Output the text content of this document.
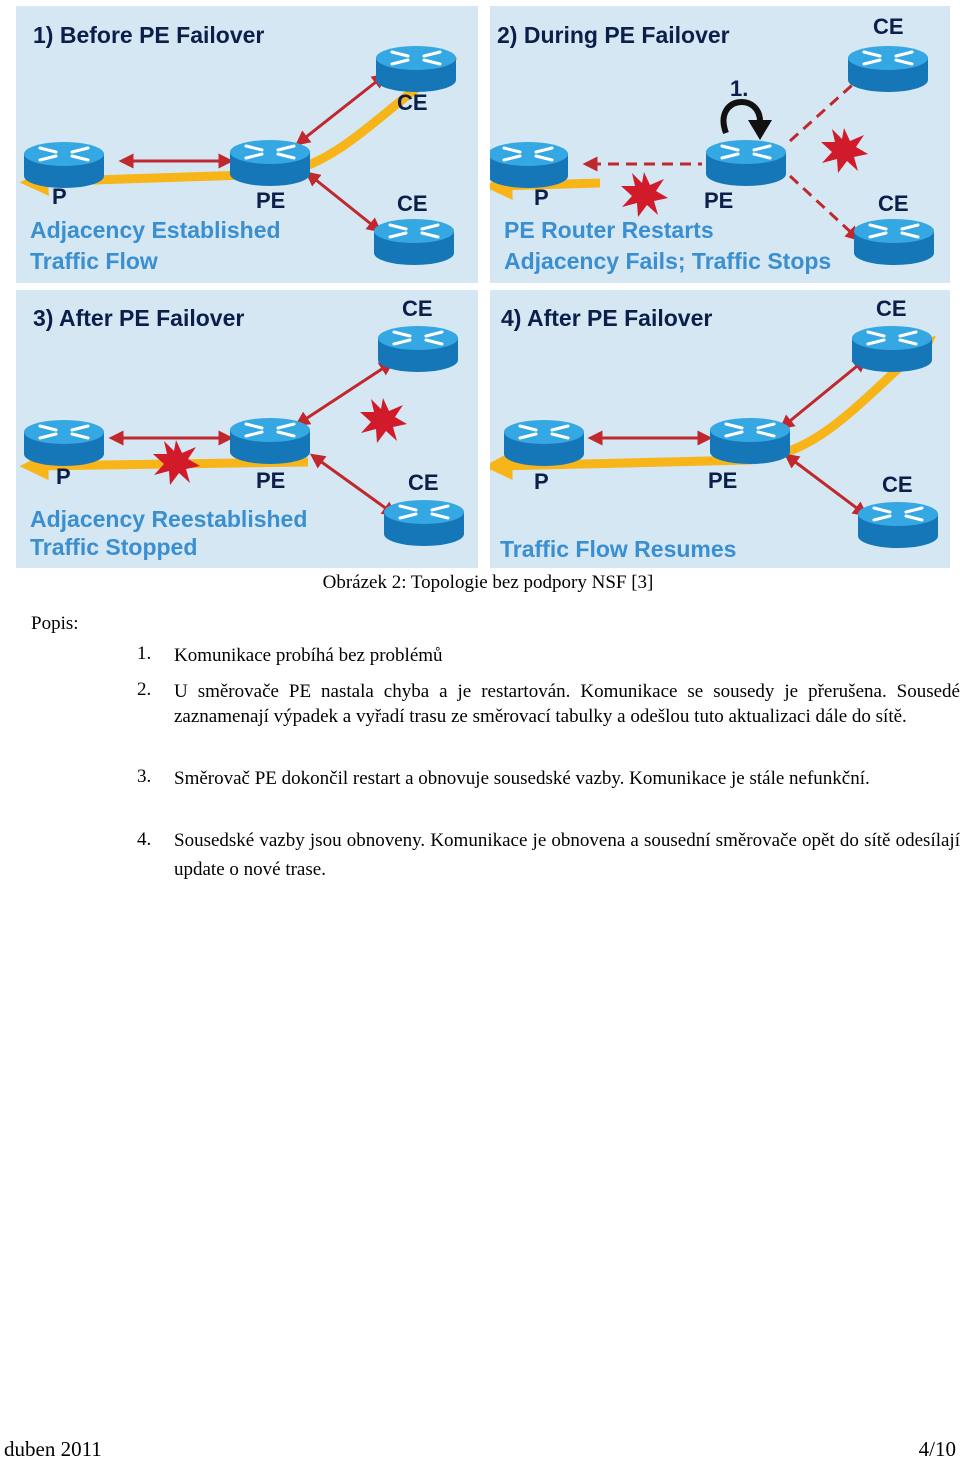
P	PE
CE
CE
1) Before PE Failover
Adjacency Established
Traffic Flow
1.
P	PE
CE
CE
2) During PE Failover
PE Router Restarts
Adjacency Fails; Traffic Stops
P	PE
CE
CE
3) After PE Failover
Adjacency Reestablished
Traffic Stopped
P	PE
CE
CE
4) After PE Failover
Traffic Flow Resumes
Obrázek 2: Topologie bez podpory NSF [3]
Popis:
1. Komunikace probíhá bez problémů
2. U směrovače PE nastala chyba a je restartován. Komunikace se sousedy je přerušena. Sousedé zaznamenají výpadek a vyřadí trasu ze směrovací tabulky a odešlou tuto aktualizaci dále do sítě.
3. Směrovač PE dokončil restart a obnovuje sousedské vazby. Komunikace je stále nefunkční.
4. Sousedské vazby jsou obnoveny. Komunikace je obnovena a sousední směrovače opět do sítě odesílají update o nové trase.
duben 2011	4/10
